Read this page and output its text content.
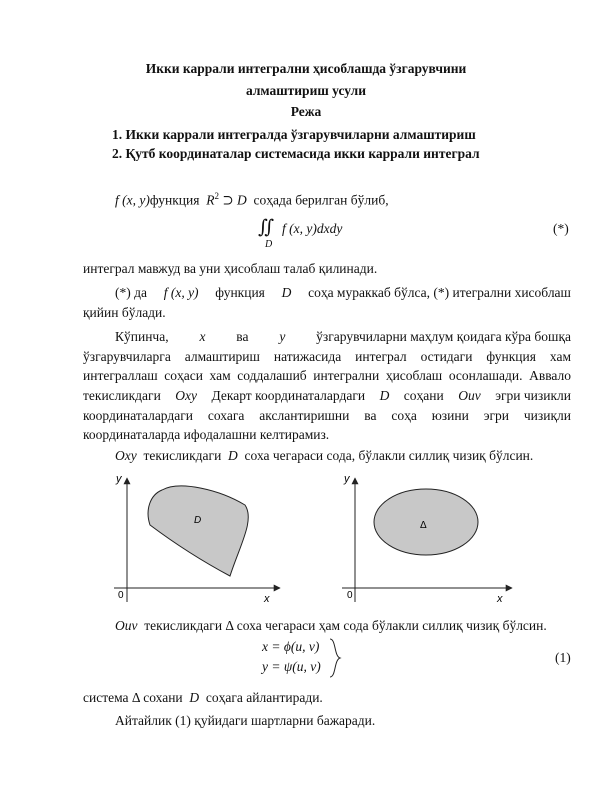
Икки каррали интегрални ҳисоблашда ўзгарувчини
алмаштириш усули
Режа
1. Икки каррали интегралда ўзгарувчиларни алмаштириш
2. Қутб координаталар системасида икки каррали интеграл
f (x, y)функция $R^2$ ⊃ D соҳада берилган бўлиб,
∬ f (x, y)dxdy
D
(*)
интеграл мавжуд ва уни ҳисоблаш талаб қилинади.
(*) да f (x, y) функция D соҳа мураккаб бўлса, (*) итегрални хисоблаш
қийин бўлади.
Кўпинча, x ва y ўзгарувчиларни маҳлум қоидага кўра бошқа
ўзгарувчиларга алмаштириш натижасида интеграл остидаги функция хам
интеграллаш соҳаси хам соддалашиб интегрални ҳисоблаш осонлашади. Аввало
текисликдаги Oxy Декарт координаталардаги D соҳани Ouv эгри чизикли
координаталардаги сохага акслантиришни ва соҳа юзини эгри чизиқли
координаталарда ифодалашни келтирамиз.
Oxy текисликдаги D соха чегараси сода, бўлакли силлиқ чизиқ бўлсин.
y
x
0
D
y
x
0
Δ
Ouv текисликдаги Δ соха чегараси ҳам сода бўлакли силлиқ чизиқ бўлсин.
x = ϕ(u, v)
y = ψ(u, v)
(1)
система Δ сохани D соҳага айлантиради.
Айтайлик (1) қуйидаги шартларни бажаради.
